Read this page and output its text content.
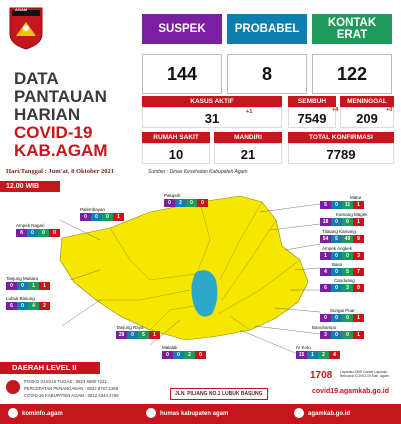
AGAM
DATA
PANTAUAN
HARIAN
COVID-19
KAB.AGAM
Hari/Tanggal : Jum'at, 8 Oktober 2021
12.00 WIB
SUSPEK	PROBABEL
KONTAK ERAT
144	8	122
KASUS AKTIF
31	+1
RUMAH SAKIT	MANDIRI
10	21
SEMBUH	MENINGGAL
7549
+4
209
+0
TOTAL KONFIRMASI
7789
Sumber : Dinas Kesehatan Kabupaten Agam
Palembayan
0	0	0	1
Palupuh
0	2	0	0
Matur
5	0	11	1
Ampek Nagari
8	0	0	0
Kamang Magek
18	0	0	1
Tilatang Kamang
54	5	49	9
Ampek Angkek
1	0	0	3
Tanjung Mutiara
0	0	1	1
Baso
4	0	5	7
Lubuk Basung
6	0	4	2
Canduang
6	0	3	0
Sungai Puar
0	0	0	1
Banuhampu
3	0	0	1
Tanjung Raya
28	0	5	1
Malalak
0	0	2	0
IV Koto
15	1	2	4
DAERAH LEVEL II
POSKO GUGUS TUGAS : 0823 6590 7221
PERCEPATAN PENANGANAN : 0822 8767 2355
COVID-19 KABUPATEN AGAM : 0812 6344 2766	JLN. PILIANG NO.1 LUBUK BASUNG
1708 Layanan SMS Center Laporan Bencana COVID-19 Kab. Agam
covid19.agamkab.go.id
kominfo.agam	humas kabupaten agam	agamkab.go.id
